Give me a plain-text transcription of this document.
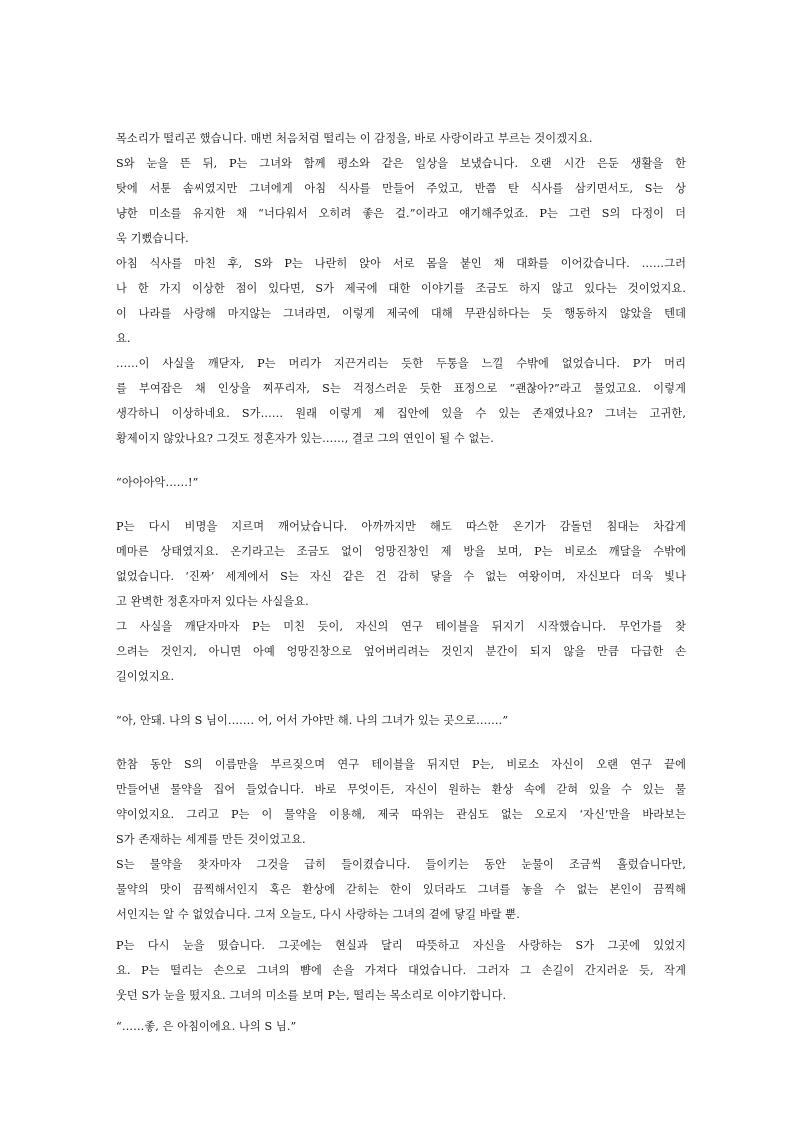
목소리가 떨리곤 했습니다. 매번 처음처럼 떨리는 이 감정을, 바로 사랑이라고 부르는 것이겠지요.
S와 눈을 뜬 뒤, P는 그녀와 함께 평소와 같은 일상을 보냈습니다. 오랜 시간 은둔 생활을 한
탓에 서툰 솜씨였지만 그녀에게 아침 식사를 만들어 주었고, 반쯤 탄 식사를 삼키면서도, S는 상
냥한 미소를 유지한 채 “너다워서 오히려 좋은 걸.”이라고 얘기해주었죠. P는 그런 S의 다정이 더
욱 기뻤습니다.
아침 식사를 마친 후, S와 P는 나란히 앉아 서로 몸을 붙인 채 대화를 이어갔습니다. ……그러
나 한 가지 이상한 점이 있다면, S가 제국에 대한 이야기를 조금도 하지 않고 있다는 것이었지요.
이 나라를 사랑해 마지않는 그녀라면, 이렇게 제국에 대해 무관심하다는 듯 행동하지 않았을 텐데
요.
……이 사실을 깨닫자, P는 머리가 지끈거리는 듯한 두통을 느낄 수밖에 없었습니다. P가 머리
를 부여잡은 채 인상을 찌푸리자, S는 걱정스러운 듯한 표정으로 “괜찮아?”라고 물었고요. 이렇게
생각하니 이상하네요. S가…… 원래 이렇게 제 집안에 있을 수 있는 존재였나요? 그녀는 고귀한,
황제이지 않았나요? 그것도 정혼자가 있는……, 결코 그의 연인이 될 수 없는.
“아아아악……!”
P는 다시 비명을 지르며 깨어났습니다. 아까까지만 해도 따스한 온기가 감돌던 침대는 차갑게
메마른 상태였지요. 온기라고는 조금도 없이 엉망진창인 제 방을 보며, P는 비로소 깨달을 수밖에
없었습니다. ‘진짜’ 세계에서 S는 자신 같은 건 감히 닿을 수 없는 여왕이며, 자신보다 더욱 빛나
고 완벽한 정혼자마저 있다는 사실을요.
그 사실을 깨닫자마자 P는 미친 듯이, 자신의 연구 테이블을 뒤지기 시작했습니다. 무언가를 찾
으려는 것인지, 아니면 아예 엉망진창으로 엎어버리려는 것인지 분간이 되지 않을 만큼 다급한 손
길이었지요.
“아, 안돼. 나의 S 님이……. 어, 어서 가야만 해. 나의 그녀가 있는 곳으로…….”
한참 동안 S의 이름만을 부르짖으며 연구 테이블을 뒤지던 P는, 비로소 자신이 오랜 연구 끝에
만들어낸 물약을 집어 들었습니다. 바로 무엇이든, 자신이 원하는 환상 속에 갇혀 있을 수 있는 물
약이었지요. 그리고 P는 이 물약을 이용해, 제국 따위는 관심도 없는 오로지 ‘자신’만을 바라보는
S가 존재하는 세계를 만든 것이었고요.
S는 물약을 찾자마자 그것을 급히 들이켰습니다. 들이키는 동안 눈물이 조금씩 흘렀습니다만,
물약의 맛이 끔찍해서인지 혹은 환상에 갇히는 한이 있더라도 그녀를 놓을 수 없는 본인이 끔찍해
서인지는 알 수 없었습니다. 그저 오늘도, 다시 사랑하는 그녀의 곁에 닿길 바랄 뿐.
P는 다시 눈을 떴습니다. 그곳에는 현실과 달리 따뜻하고 자신을 사랑하는 S가 그곳에 있었지
요. P는 떨리는 손으로 그녀의 뺨에 손을 가져다 대었습니다. 그러자 그 손길이 간지러운 듯, 작게
웃던 S가 눈을 떴지요. 그녀의 미소를 보며 P는, 떨리는 목소리로 이야기합니다.
“……좋, 은 아침이에요. 나의 S 님.”
